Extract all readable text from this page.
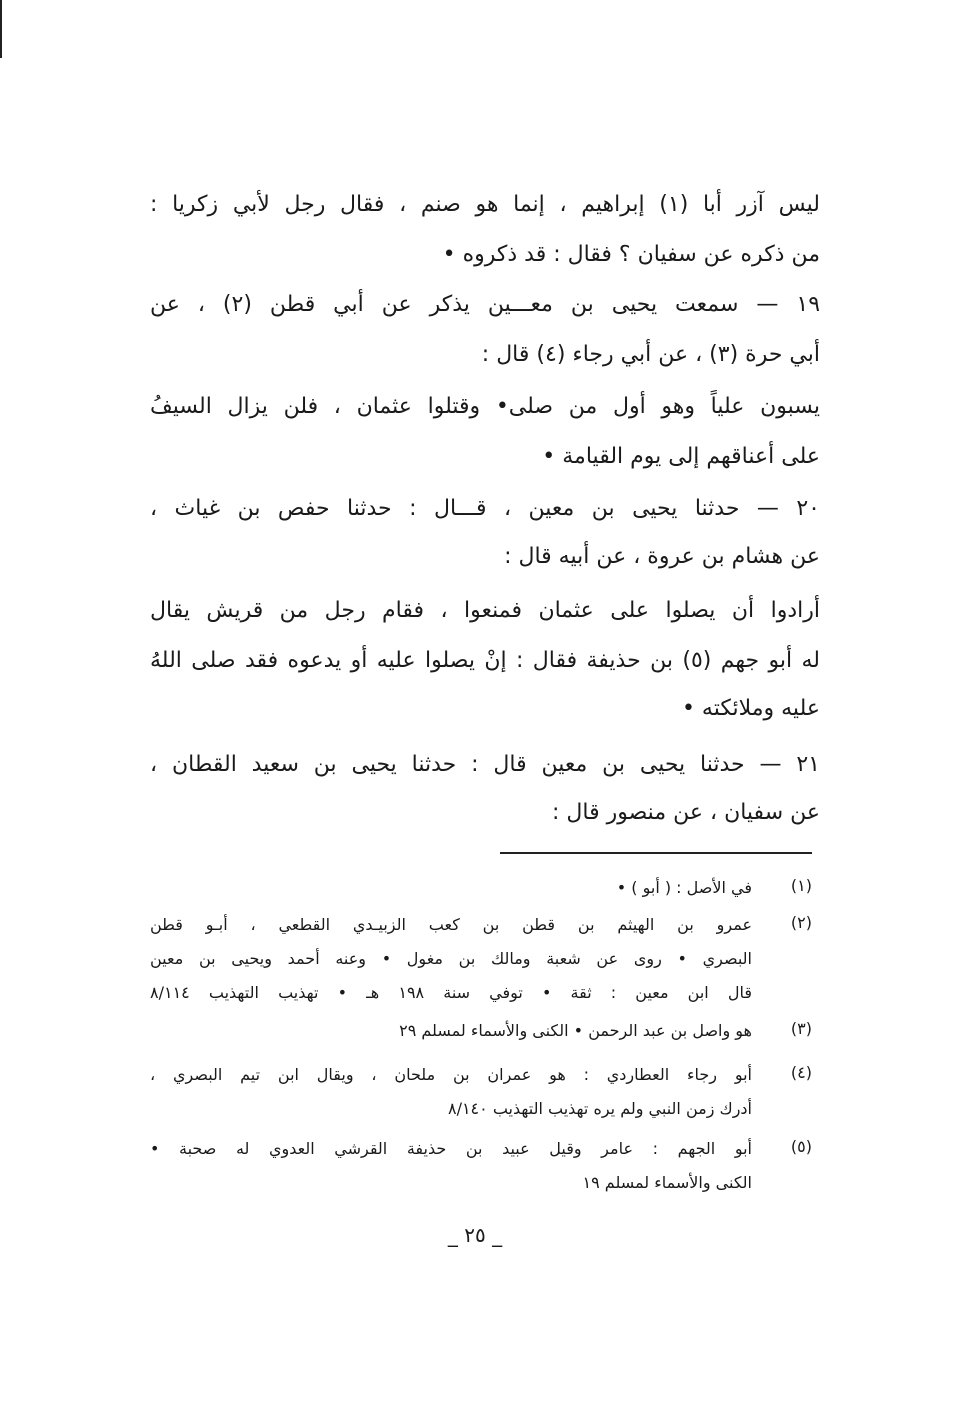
ليس آزر أبا (١) إبراهيم ، إنما هو صنم ، فقال رجل لأبي زكريا :
من ذكره عن سفيان ؟ فقال : قد ذكروه •
١٩ — سمعت يحيى بن معـــين يذكر عن أبي قطن (٢) ، عن
أبي حرة (٣) ، عن أبي رجاء (٤) قال :
يسبون علياً وهو أول من صلى• وقتلوا عثمان ، فلن يزال السيفُ
على أعناقهم إلى يوم القيامة •
٢٠ — حدثنا يحيى بن معين ، قـــال : حدثنا حفص بن غياث ،
عن هشام بن عروة ، عن أبيه قال :
أرادوا أن يصلوا على عثمان فمنعوا ، فقام رجل من قريش يقال
له أبو جهم (٥) بن حذيفة فقال : إنْ يصلوا عليه أو يدعوه فقد صلى اللهُ
عليه وملائكته •
٢١ — حدثنا يحيى بن معين قال : حدثنا يحيى بن سعيد القطان ،
عن سفيان ، عن منصور قال :
(١)
في الأصل : ( أبو ) •
(٢)
عمرو بن الهيثم بن قطن بن كعب الزبيـدي القطعي ، أبـو قطن
البصري • روى عن شعبة ومالك بن مغول • وعنه أحمد ويحيى بن معين
قال ابن معين : ثقة • توفي سنة ١٩٨ هـ • تهذيب التهذيب ٨/١١٤
(٣)
هو واصل بن عبد الرحمن • الكنى والأسماء لمسلم ٢٩
(٤)
أبو رجاء العطاردي : هو عمران بن ملحان ، ويقال ابن تيم البصري ،
أدرك زمن النبي ولم يره تهذيب التهذيب ٨/١٤٠
(٥)
أبو الجهم : عامر وقيل عبيد بن حذيفة القرشي العدوي له صحبة •
الكنى والأسماء لمسلم ١٩
_ ٢٥ _
